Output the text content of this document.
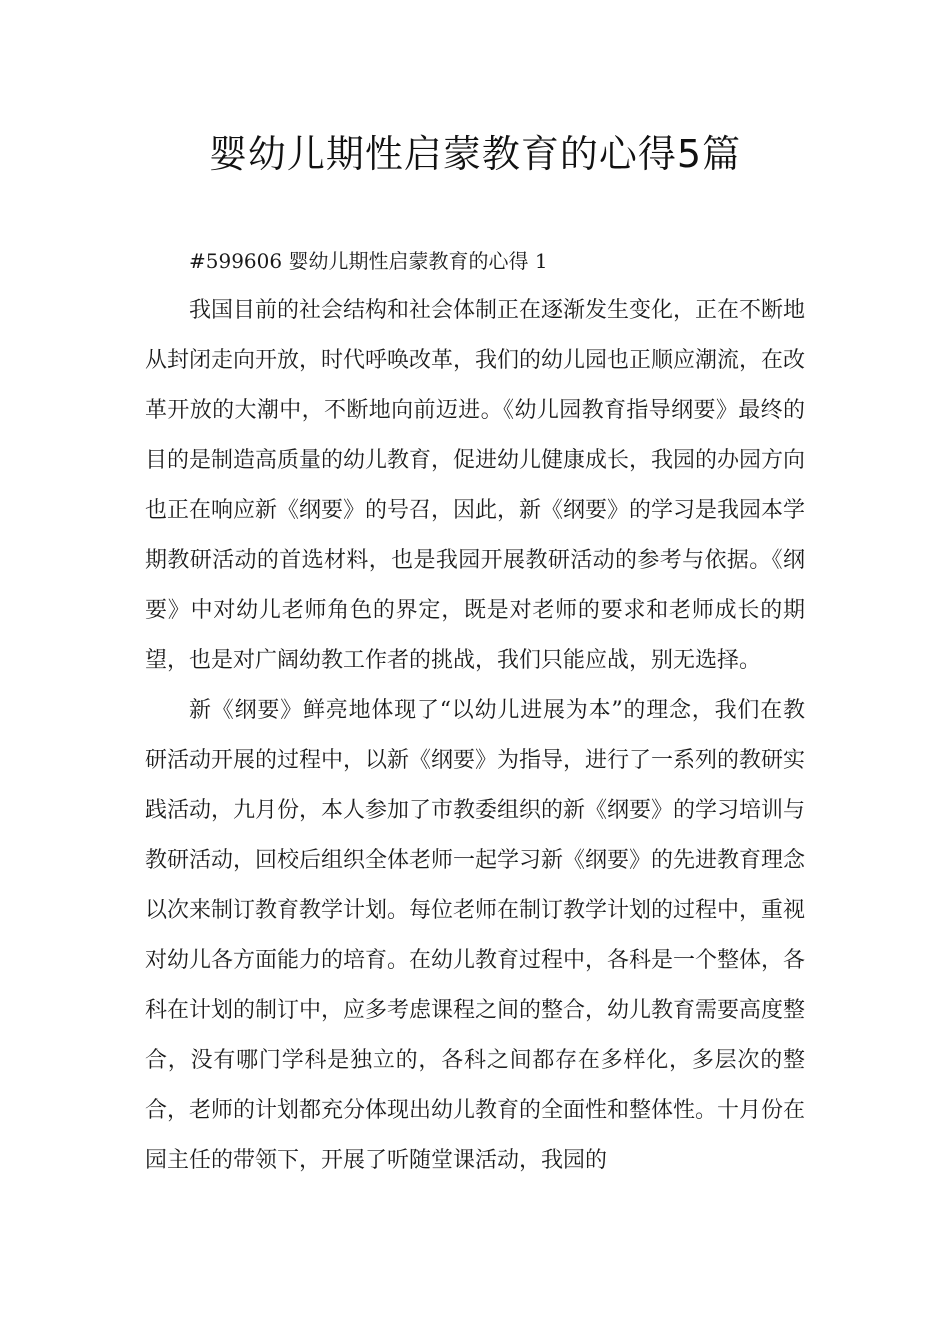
婴幼儿期性启蒙教育的心得5篇

#599606 婴幼儿期性启蒙教育的心得 1

我国目前的社会结构和社会体制正在逐渐发生变化，正在不断地从封闭走向开放，时代呼唤改革，我们的幼儿园也正顺应潮流，在改革开放的大潮中，不断地向前迈进。《幼儿园教育指导纲要》最终的目的是制造高质量的幼儿教育，促进幼儿健康成长，我园的办园方向也正在响应新《纲要》的号召，因此，新《纲要》的学习是我园本学期教研活动的首选材料，也是我园开展教研活动的参考与依据。《纲要》中对幼儿老师角色的界定，既是对老师的要求和老师成长的期望，也是对广阔幼教工作者的挑战，我们只能应战，别无选择。

新《纲要》鲜亮地体现了“以幼儿进展为本”的理念，我们在教研活动开展的过程中，以新《纲要》为指导，进行了一系列的教研实践活动，九月份，本人参加了市教委组织的新《纲要》的学习培训与教研活动，回校后组织全体老师一起学习新《纲要》的先进教育理念以次来制订教育教学计划。每位老师在制订教学计划的过程中，重视对幼儿各方面能力的培育。在幼儿教育过程中，各科是一个整体，各科在计划的制订中，应多考虑课程之间的整合，幼儿教育需要高度整合，没有哪门学科是独立的，各科之间都存在多样化，多层次的整合，老师的计划都充分体现出幼儿教育的全面性和整体性。十月份在园主任的带领下，开展了听随堂课活动，我园的
